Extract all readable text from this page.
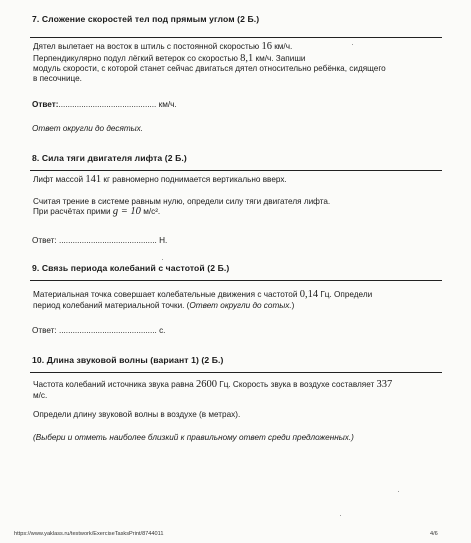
7. Сложение скоростей тел под прямым углом (2 Б.)
Дятел вылетает на восток в штиль с постоянной скоростью 16 км/ч.
Перпендикулярно подул лёгкий ветерок со скоростью 8,1 км/ч. Запиши
модуль скорости, с которой станет сейчас двигаться дятел относительно ребёнка, сидящего
в песочнице.
Ответ:........................................... км/ч.
Ответ округли до десятых.
8. Сила тяги двигателя лифта (2 Б.)
Лифт массой 141 кг равномерно поднимается вертикально вверх.
Считая трение в системе равным нулю, определи силу тяги двигателя лифта.
При расчётах прими g = 10 м/с².
Ответ: ........................................... Н.
9. Связь периода колебаний с частотой (2 Б.)
Материальная точка совершает колебательные движения с частотой 0,14 Гц. Определи
период колебаний материальной точки. (Ответ округли до сотых.)
Ответ: ........................................... с.
10. Длина звуковой волны (вариант 1) (2 Б.)
Частота колебаний источника звука равна 2600 Гц. Скорость звука в воздухе составляет 337
м/с.
Определи длину звуковой волны в воздухе (в метрах).
(Выбери и отметь наиболее близкий к правильному ответ среди предложенных.)
https://www.yaklass.ru/testwork/ExerciseTasksPrint/8744011	4/6
